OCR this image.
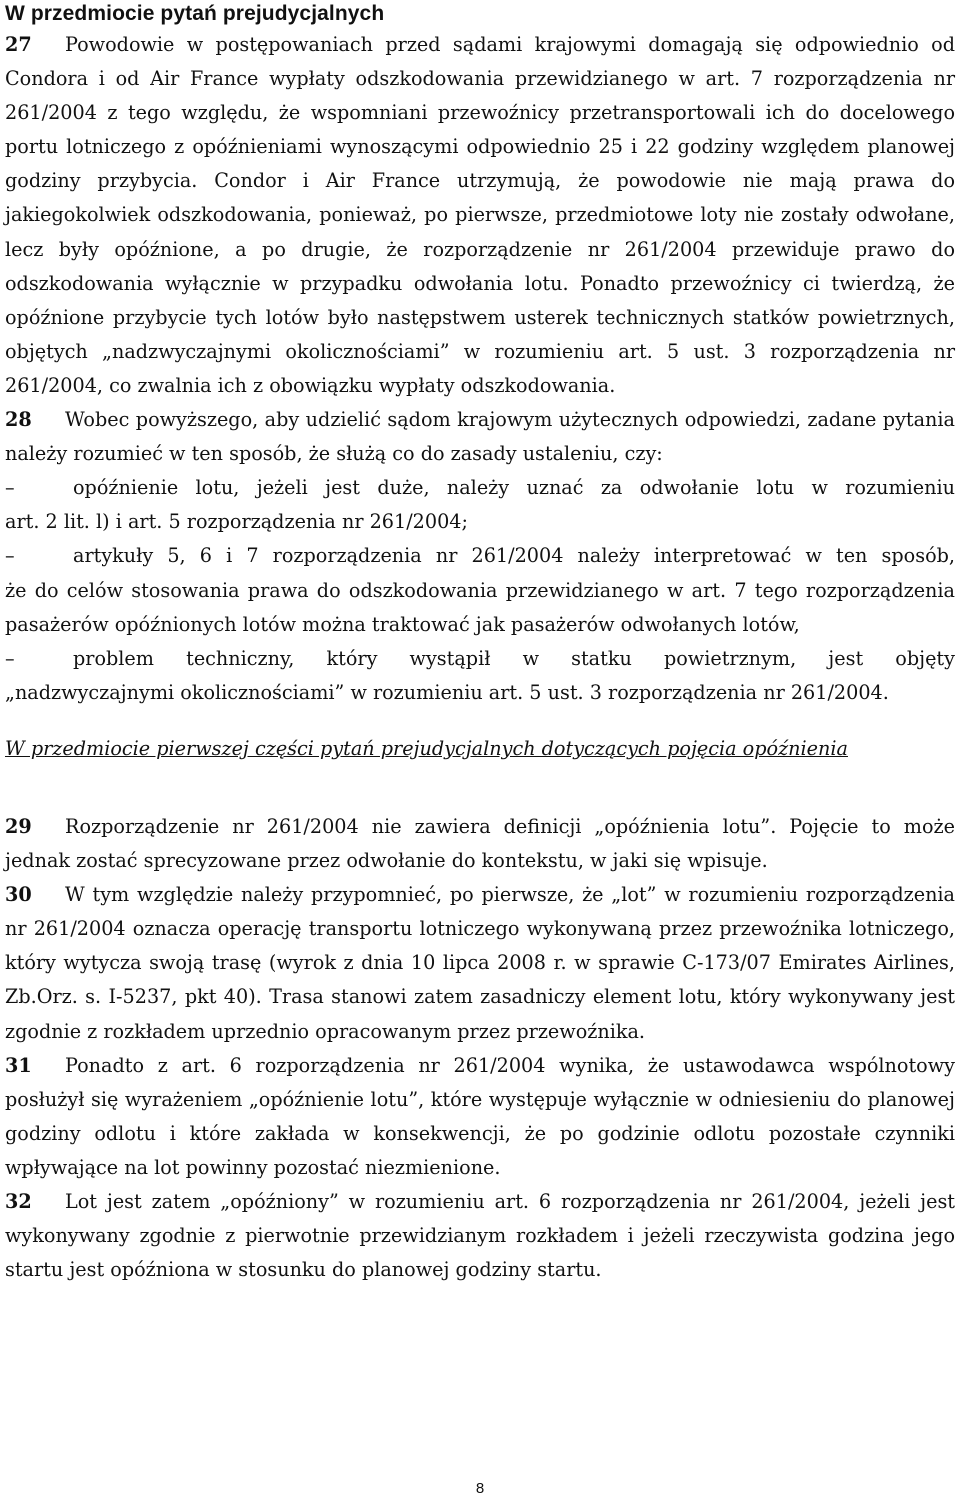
W przedmiocie pytań prejudycjalnych

27 Powodowie w postępowaniach przed sądami krajowymi domagają się odpowiednio od Condora i od Air France wypłaty odszkodowania przewidzianego w art. 7 rozporządzenia nr 261/2004 z tego względu, że wspomniani przewoźnicy przetransportowali ich do docelowego portu lotniczego z opóźnieniami wynoszącymi odpowiednio 25 i 22 godziny względem planowej godziny przybycia. Condor i Air France utrzymują, że powodowie nie mają prawa do jakiegokolwiek odszkodowania, ponieważ, po pierwsze, przedmiotowe loty nie zostały odwołane, lecz były opóźnione, a po drugie, że rozporządzenie nr 261/2004 przewiduje prawo do odszkodowania wyłącznie w przypadku odwołania lotu. Ponadto przewoźnicy ci twierdzą, że opóźnione przybycie tych lotów było następstwem usterek technicznych statków powietrznych, objętych „nadzwyczajnymi okolicznościami” w rozumieniu art. 5 ust. 3 rozporządzenia nr 261/2004, co zwalnia ich z obowiązku wypłaty odszkodowania.

28 Wobec powyższego, aby udzielić sądom krajowym użytecznych odpowiedzi, zadane pytania należy rozumieć w ten sposób, że służą co do zasady ustaleniu, czy:

–	opóźnienie lotu, jeżeli jest duże, należy uznać za odwołanie lotu w rozumieniu

art. 2 lit. l) i art. 5 rozporządzenia nr 261/2004;

–	artykuły 5, 6 i 7 rozporządzenia nr 261/2004 należy interpretować w ten sposób,

że do celów stosowania prawa do odszkodowania przewidzianego w art. 7 tego rozporządzenia pasażerów opóźnionych lotów można traktować jak pasażerów odwołanych lotów,

–	problem techniczny, który wystąpił w statku powietrznym, jest objęty

„nadzwyczajnymi okolicznościami” w rozumieniu art. 5 ust. 3 rozporządzenia nr 261/2004.

W przedmiocie pierwszej części pytań prejudycjalnych dotyczących pojęcia opóźnienia

29 Rozporządzenie nr 261/2004 nie zawiera definicji „opóźnienia lotu”. Pojęcie to może jednak zostać sprecyzowane przez odwołanie do kontekstu, w jaki się wpisuje.

30 W tym względzie należy przypomnieć, po pierwsze, że „lot” w rozumieniu rozporządzenia nr 261/2004 oznacza operację transportu lotniczego wykonywaną przez przewoźnika lotniczego, który wytycza swoją trasę (wyrok z dnia 10 lipca 2008 r. w sprawie C-173/07 Emirates Airlines, Zb.Orz. s. I-5237, pkt 40). Trasa stanowi zatem zasadniczy element lotu, który wykonywany jest zgodnie z rozkładem uprzednio opracowanym przez przewoźnika.

31 Ponadto z art. 6 rozporządzenia nr 261/2004 wynika, że ustawodawca wspólnotowy posłużył się wyrażeniem „opóźnienie lotu”, które występuje wyłącznie w odniesieniu do planowej godziny odlotu i które zakłada w konsekwencji, że po godzinie odlotu pozostałe czynniki wpływające na lot powinny pozostać niezmienione.

32 Lot jest zatem „opóźniony” w rozumieniu art. 6 rozporządzenia nr 261/2004, jeżeli jest wykonywany zgodnie z pierwotnie przewidzianym rozkładem i jeżeli rzeczywista godzina jego startu jest opóźniona w stosunku do planowej godziny startu.

8
